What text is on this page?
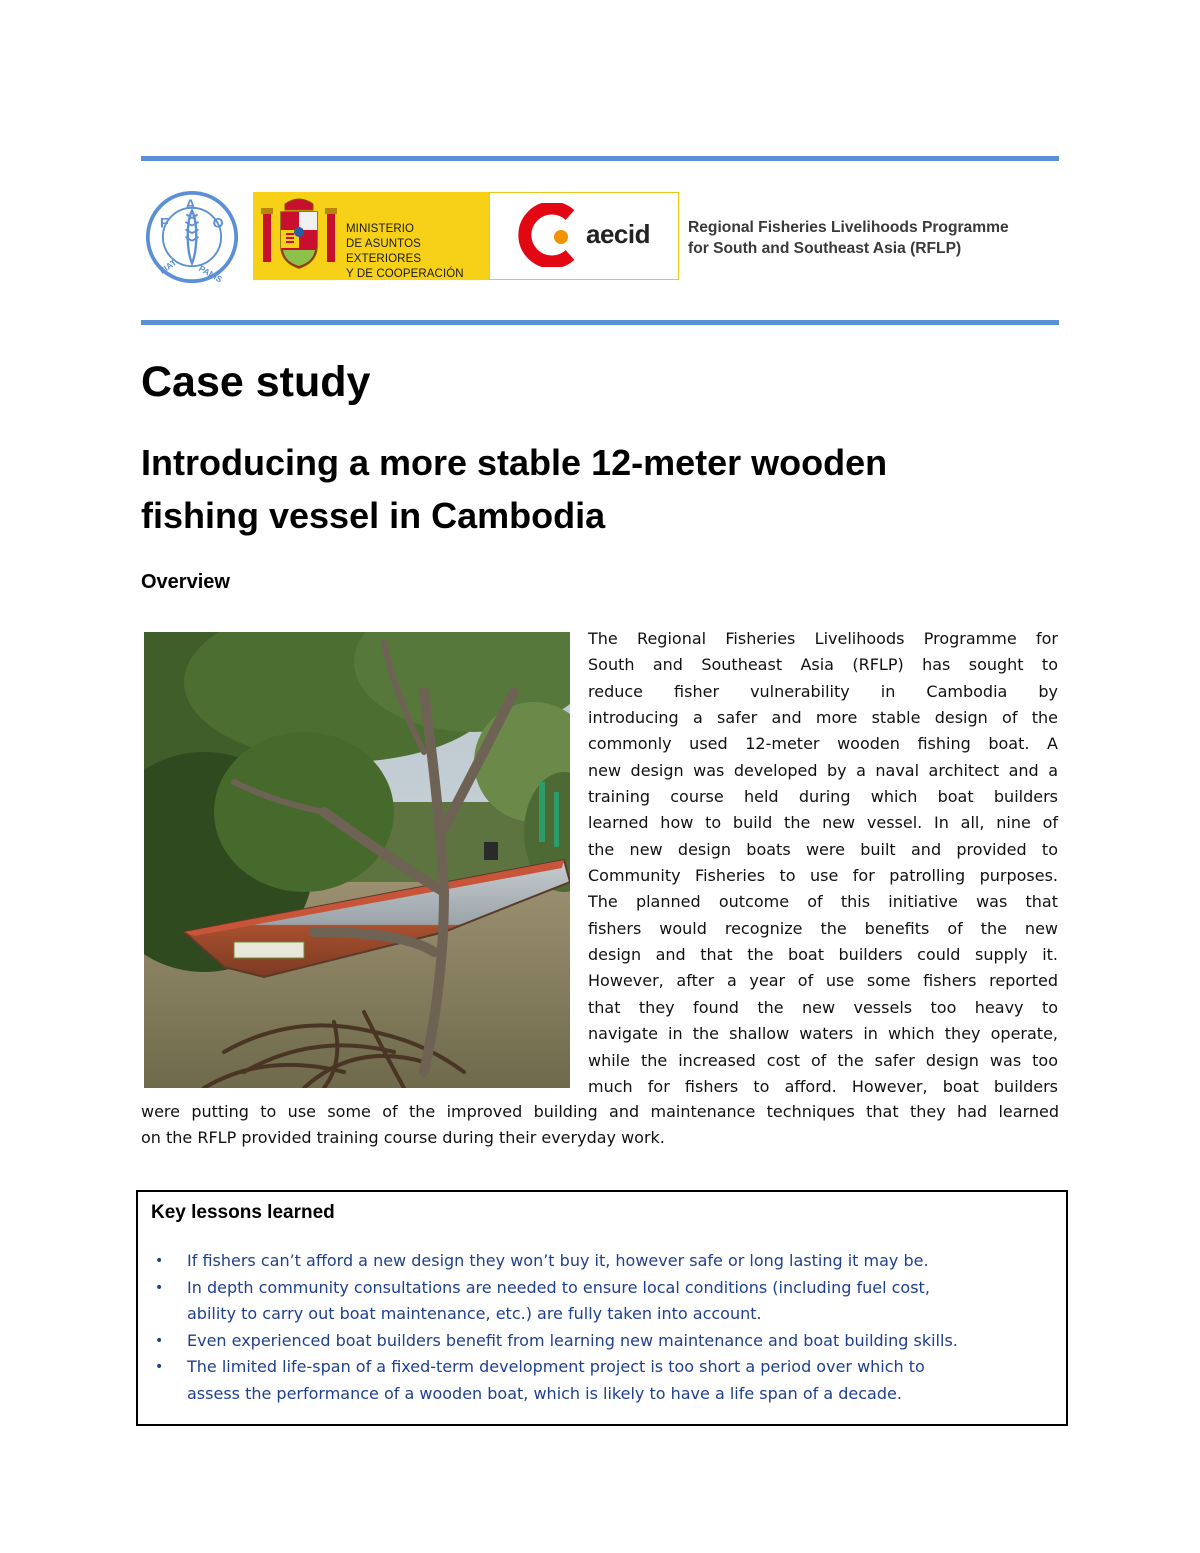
F
A
O
FIAT PANIS
MINISTERIO
DE ASUNTOS EXTERIORES
Y DE COOPERACIÓN
aecid Regional Fisheries Livelihoods Programme
for South and Southeast Asia (RFLP)
Case study
Introducing a more stable 12-meter wooden
fishing vessel in Cambodia
Overview
The Regional Fisheries Livelihoods Programme for
South and Southeast Asia (RFLP) has sought to
reduce fisher vulnerability in Cambodia by
introducing a safer and more stable design of the
commonly used 12-meter wooden fishing boat. A
new design was developed by a naval architect and a
training course held during which boat builders
learned how to build the new vessel. In all, nine of
the new design boats were built and provided to
Community Fisheries to use for patrolling purposes.
The planned outcome of this initiative was that
fishers would recognize the benefits of the new
design and that the boat builders could supply it.
However, after a year of use some fishers reported
that they found the new vessels too heavy to
navigate in the shallow waters in which they operate,
while the increased cost of the safer design was too
much for fishers to afford. However, boat builders
were putting to use some of the improved building and maintenance techniques that they had learned
on the RFLP provided training course during their everyday work.
Key lessons learned
• If fishers can’t afford a new design they won’t buy it, however safe or long lasting it may be.
• In depth community consultations are needed to ensure local conditions (including fuel cost,
ability to carry out boat maintenance, etc.) are fully taken into account.
• Even experienced boat builders benefit from learning new maintenance and boat building skills.
• The limited life-span of a fixed-term development project is too short a period over which to
assess the performance of a wooden boat, which is likely to have a life span of a decade.
